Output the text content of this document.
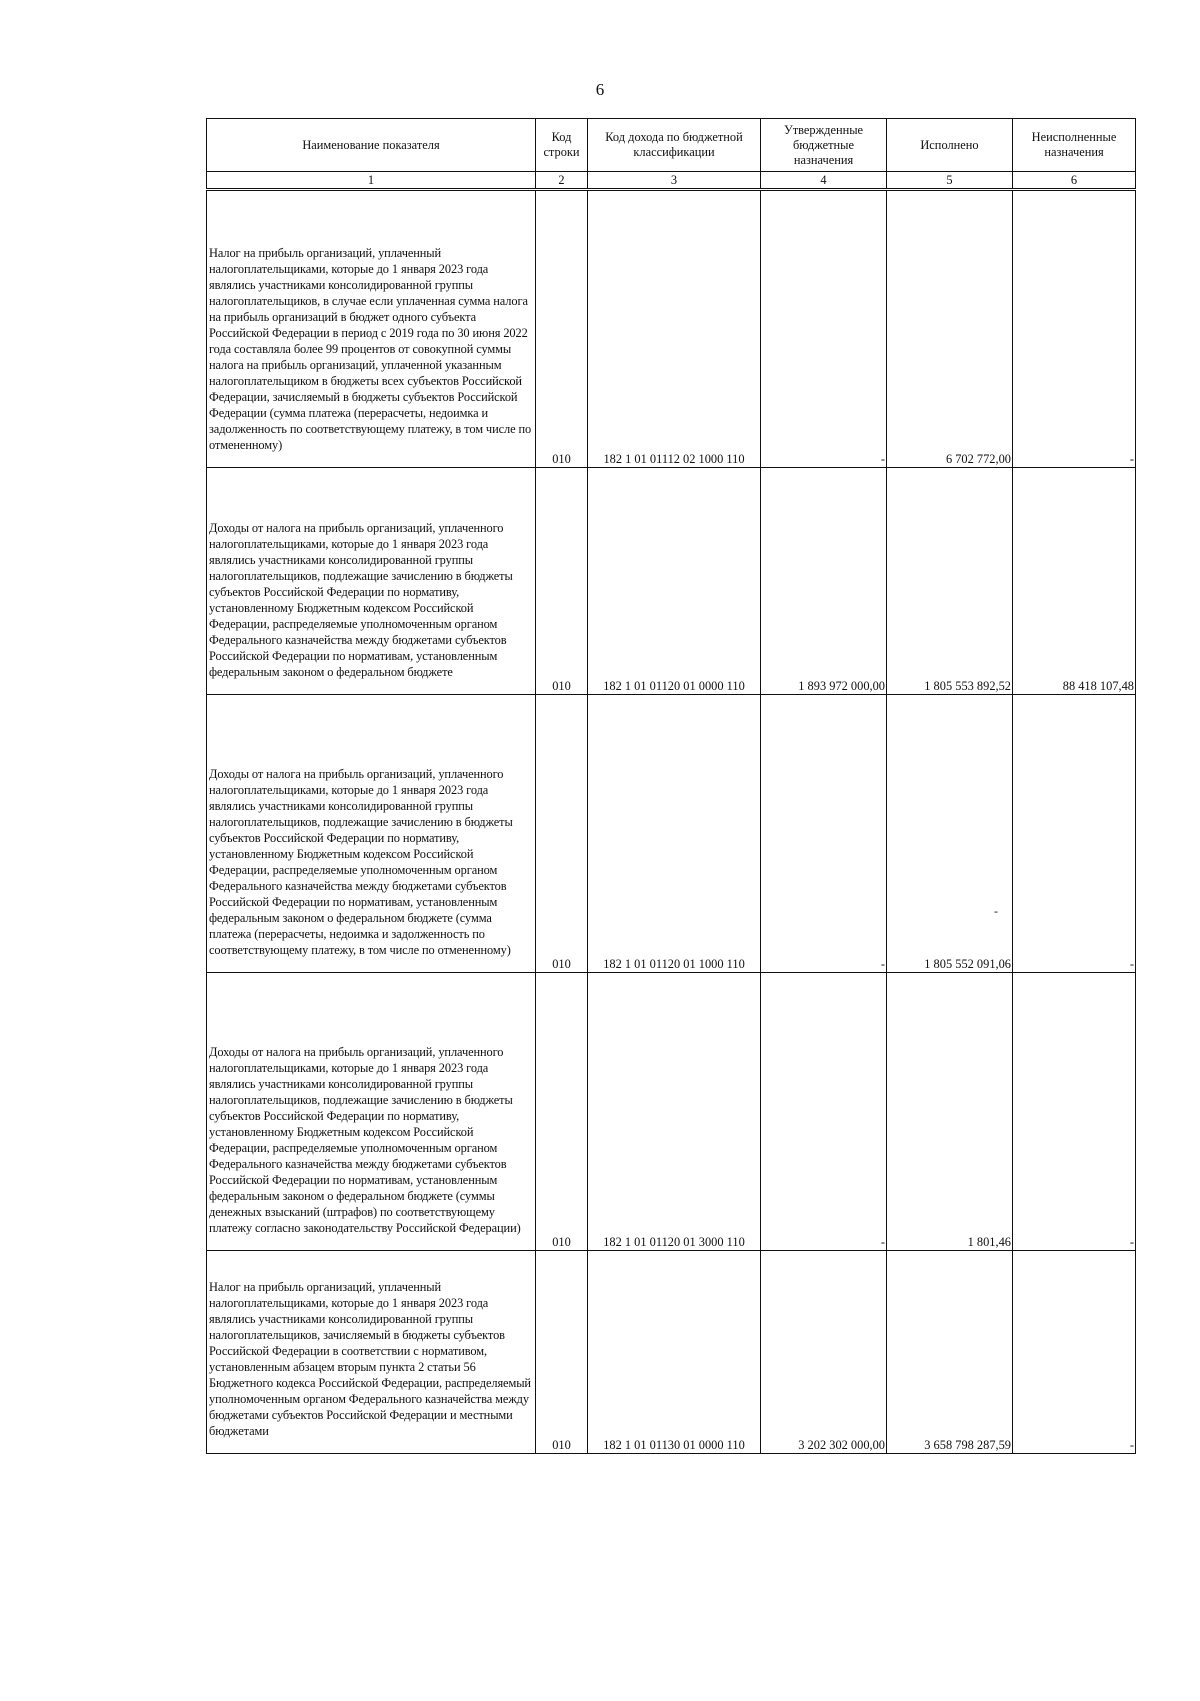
6
Наименование показателя	Код строки	Код дохода по бюджетной классификации	Утвержденные бюджетные назначения	Исполнено	Неисполненные назначения
1	2	3	4	5	6

Налог на прибыль организаций, уплаченный налогоплательщиками, которые до 1 января 2023 года являлись участниками консолидированной группы налогоплательщиков, в случае если уплаченная сумма налога на прибыль организаций в бюджет одного субъекта Российской Федерации в период с 2019 года по 30 июня 2022 года составляла более 99 процентов от совокупной суммы налога на прибыль организаций, уплаченной указанным налогоплательщиком в бюджеты всех субъектов Российской Федерации, зачисляемый в бюджеты субъектов Российской Федерации (сумма платежа (перерасчеты, недоимка и задолженность по соответствующему платежу, в том числе по отмененному)	010	182 1 01 01112 02 1000 110	-	6 702 772,00	-

Доходы от налога на прибыль организаций, уплаченного налогоплательщиками, которые до 1 января 2023 года являлись участниками консолидированной группы налогоплательщиков, подлежащие зачислению в бюджеты субъектов Российской Федерации по нормативу, установленному Бюджетным кодексом Российской Федерации, распределяемые уполномоченным органом Федерального казначейства между бюджетами субъектов Российской Федерации по нормативам, установленным федеральным законом о федеральном бюджете	010	182 1 01 01120 01 0000 110	1 893 972 000,00	1 805 553 892,52	88 418 107,48

Доходы от налога на прибыль организаций, уплаченного налогоплательщиками, которые до 1 января 2023 года являлись участниками консолидированной группы налогоплательщиков, подлежащие зачислению в бюджеты субъектов Российской Федерации по нормативу, установленному Бюджетным кодексом Российской Федерации, распределяемые уполномоченным органом Федерального казначейства между бюджетами субъектов Российской Федерации по нормативам, установленным федеральным законом о федеральном бюджете (сумма платежа (перерасчеты, недоимка и задолженность по соответствующему платежу, в том числе по отмененному)	010	182 1 01 01120 01 1000 110	-	1 805 552 091,06	-

Доходы от налога на прибыль организаций, уплаченного налогоплательщиками, которые до 1 января 2023 года являлись участниками консолидированной группы налогоплательщиков, подлежащие зачислению в бюджеты субъектов Российской Федерации по нормативу, установленному Бюджетным кодексом Российской Федерации, распределяемые уполномоченным органом Федерального казначейства между бюджетами субъектов Российской Федерации по нормативам, установленным федеральным законом о федеральном бюджете (суммы денежных взысканий (штрафов) по соответствующему платежу согласно законодательству Российской Федерации)	010	182 1 01 01120 01 3000 110	-	1 801,46	-

Налог на прибыль организаций, уплаченный налогоплательщиками, которые до 1 января 2023 года являлись участниками консолидированной группы налогоплательщиков, зачисляемый в бюджеты субъектов Российской Федерации в соответствии с нормативом, установленным абзацем вторым пункта 2 статьи 56 Бюджетного кодекса Российской Федерации, распределяемый уполномоченным органом Федерального казначейства между бюджетами субъектов Российской Федерации и местными бюджетами	010	182 1 01 01130 01 0000 110	3 202 302 000,00	3 658 798 287,59	-
-
